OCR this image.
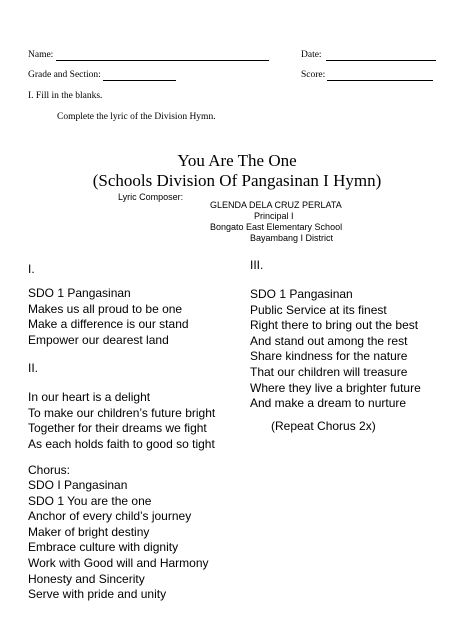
Name:	Date:
Grade and Section:	Score:
I. Fill in the blanks.
Complete the lyric of the Division Hymn.
You Are The One
(Schools Division Of Pangasinan I Hymn)
Lyric Composer:
GLENDA DELA CRUZ PERLATA
Principal I
Bongato East Elementary School
Bayambang I District
I.
SDO 1 Pangasinan
Makes us all proud to be one
Make a difference is our stand
Empower our dearest land
II.
In our heart is a delight
To make our children’s future bright
Together for their dreams we fight
As each holds faith to good so tight
Chorus:
SDO I Pangasinan
SDO 1 You are the one
Anchor of every child’s journey
Maker of bright destiny
Embrace culture with dignity
Work with Good will and Harmony
Honesty and Sincerity
Serve with pride and unity
III.
SDO 1 Pangasinan
Public Service at its finest
Right there to bring out the best
And stand out among the rest
Share kindness for the nature
That our children will treasure
Where they live a brighter future
And make a dream to nurture
(Repeat Chorus 2x)
